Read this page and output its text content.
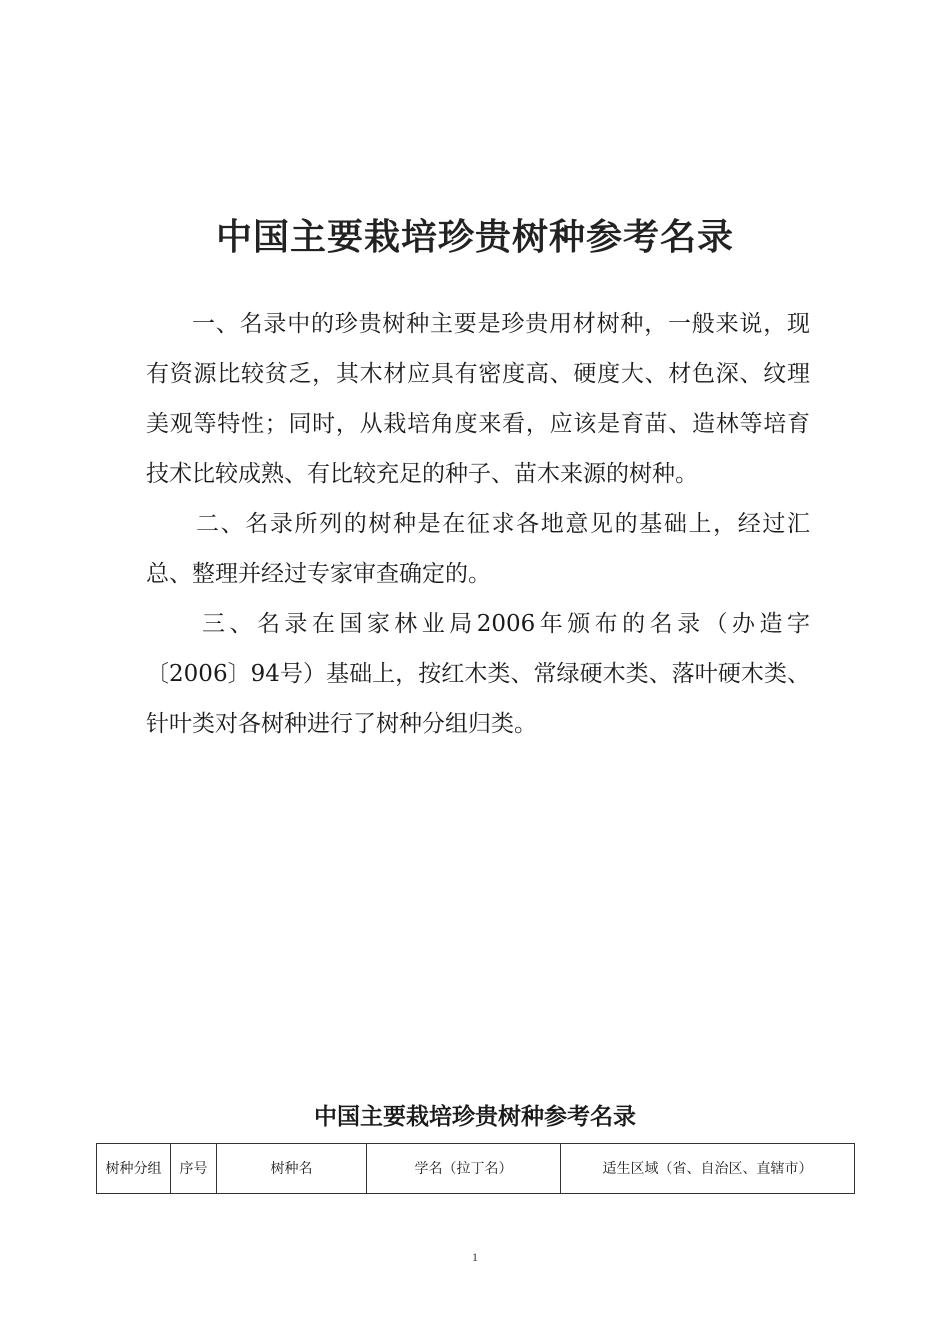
中国主要栽培珍贵树种参考名录

一、名录中的珍贵树种主要是珍贵用材树种，一般来说，现有资源比较贫乏，其木材应具有密度高、硬度大、材色深、纹理美观等特性；同时，从栽培角度来看，应该是育苗、造林等培育技术比较成熟、有比较充足的种子、苗木来源的树种。

二、名录所列的树种是在征求各地意见的基础上，经过汇总、整理并经过专家审查确定的。

三、名录在国家林业局2006年颁布的名录（办造字〔2006〕94号）基础上，按红木类、常绿硬木类、落叶硬木类、针叶类对各树种进行了树种分组归类。

中国主要栽培珍贵树种参考名录
树种分组	序号	树种名	学名（拉丁名）	适生区域（省、自治区、直辖市）
1
